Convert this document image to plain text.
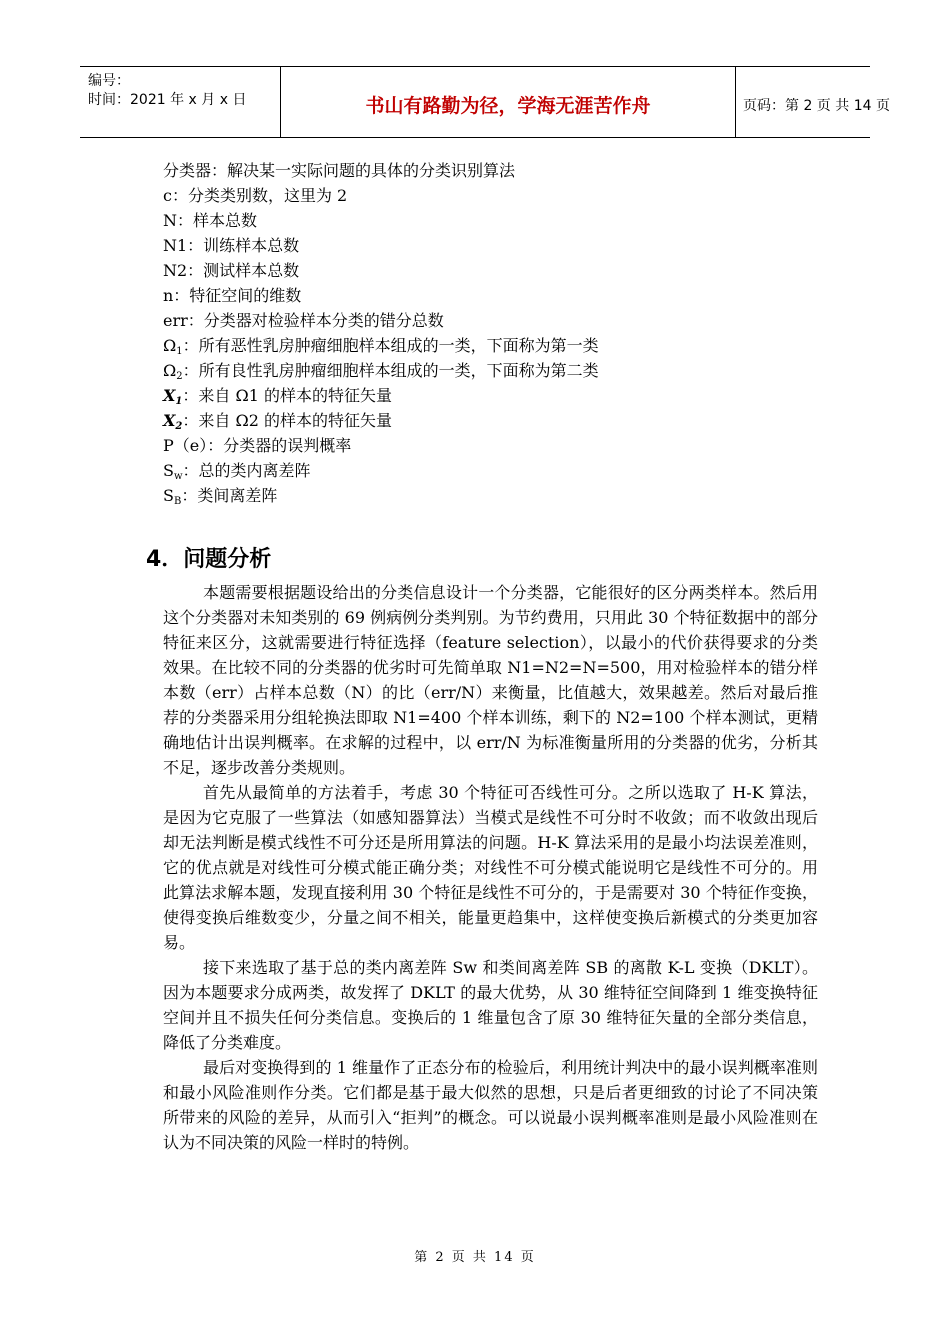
编号：
时间：2021 年 x 月 x 日	书山有路勤为径，学海无涯苦作舟	页码：第 2 页 共 14 页
分类器：解决某一实际问题的具体的分类识别算法
c：分类类别数，这里为 2
N：样本总数
N1：训练样本总数
N2：测试样本总数
n：特征空间的维数
err：分类器对检验样本分类的错分总数
$\Omega_1$：所有恶性乳房肿瘤细胞样本组成的一类，下面称为第一类
$\Omega_2$：所有良性乳房肿瘤细胞样本组成的一类，下面称为第二类
$X_1$：来自 Ω1 的样本的特征矢量
$X_2$：来自 Ω2 的样本的特征矢量
P（e）：分类器的误判概率
$S_w$：总的类内离差阵
$S_B$：类间离差阵
4．问题分析

本题需要根据题设给出的分类信息设计一个分类器，它能很好的区分两类样本。然后用这个分类器对未知类别的 69 例病例分类判别。为节约费用，只用此 30 个特征数据中的部分特征来区分，这就需要进行特征选择（feature selection），以最小的代价获得要求的分类效果。在比较不同的分类器的优劣时可先简单取 N1=N2=N=500，用对检验样本的错分样本数（err）占样本总数（N）的比（err/N）来衡量，比值越大，效果越差。然后对最后推荐的分类器采用分组轮换法即取 N1=400 个样本训练，剩下的 N2=100 个样本测试，更精确地估计出误判概率。在求解的过程中，以 err/N 为标准衡量所用的分类器的优劣，分析其不足，逐步改善分类规则。

首先从最简单的方法着手，考虑 30 个特征可否线性可分。之所以选取了 H-K 算法，是因为它克服了一些算法（如感知器算法）当模式是线性不可分时不收敛；而不收敛出现后却无法判断是模式线性不可分还是所用算法的问题。H-K 算法采用的是最小均法误差准则，它的优点就是对线性可分模式能正确分类；对线性不可分模式能说明它是线性不可分的。用此算法求解本题，发现直接利用 30 个特征是线性不可分的，于是需要对 30 个特征作变换，使得变换后维数变少，分量之间不相关，能量更趋集中，这样使变换后新模式的分类更加容易。

接下来选取了基于总的类内离差阵 Sw 和类间离差阵 SB 的离散 K-L 变换（DKLT）。因为本题要求分成两类，故发挥了 DKLT 的最大优势，从 30 维特征空间降到 1 维变换特征空间并且不损失任何分类信息。变换后的 1 维量包含了原 30 维特征矢量的全部分类信息，降低了分类难度。

最后对变换得到的 1 维量作了正态分布的检验后，利用统计判决中的最小误判概率准则和最小风险准则作分类。它们都是基于最大似然的思想，只是后者更细致的讨论了不同决策所带来的风险的差异，从而引入“拒判”的概念。可以说最小误判概率准则是最小风险准则在认为不同决策的风险一样时的特例。

第 2 页 共 14 页
